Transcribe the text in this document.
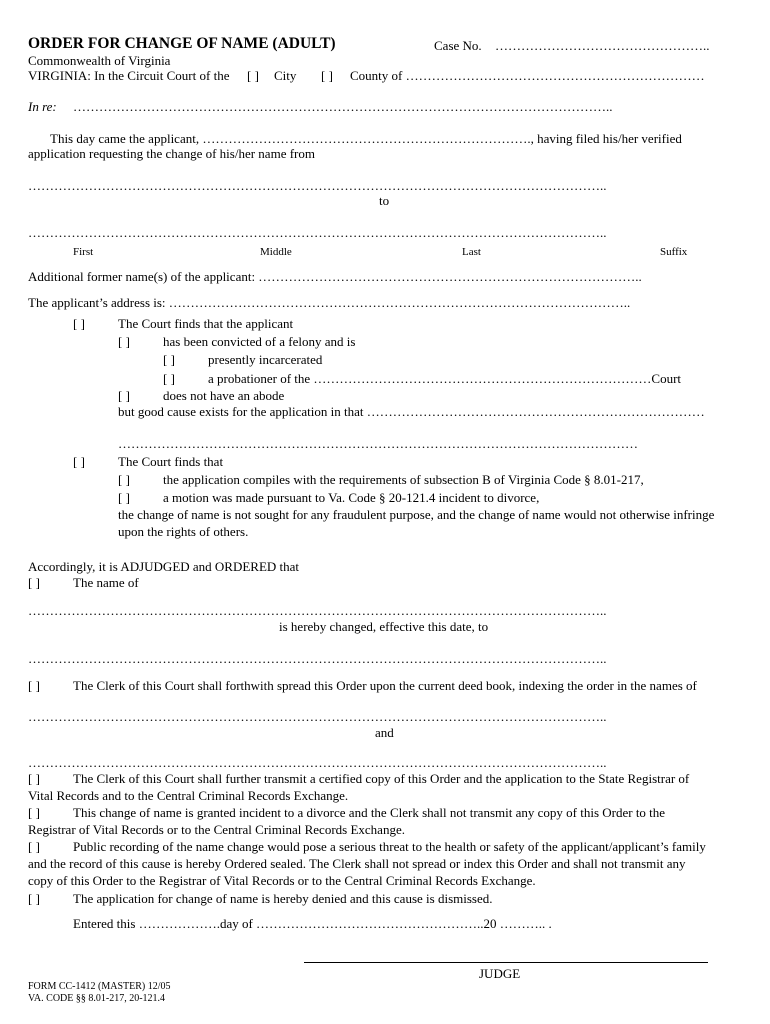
ORDER FOR CHANGE OF NAME (ADULT)	Case No. …………………………………………..
Commonwealth of Virginia
VIRGINIA: In the Circuit Court of the [ ] City [ ] County of ……………………………………………………………
In re: ……………………………………………………………………………………………………………..
This day came the applicant, …………………………………………………………………., having filed his/her verified
application requesting the change of his/her name from
……………………………………………………………………………………………………………………..
to
……………………………………………………………………………………………………………………..
First	Middle	Last	Suffix
Additional former name(s) of the applicant: ……………………………………………………………………………..
The applicant’s address is: ……………………………………………………………………………………………..
[ ]	The Court finds that the applicant
[ ]	has been convicted of a felony and is
[ ]	presently incarcerated
[ ]	a probationer of the ……………………………………………………………………Court
[ ]	does not have an abode
but good cause exists for the application in that ……………………………………………………………………
…………………………………………………………………………………………………………
[ ]	The Court finds that
[ ]	the application compiles with the requirements of subsection B of Virginia Code § 8.01-217,
[ ]	a motion was made pursuant to Va. Code § 20-121.4 incident to divorce,
the change of name is not sought for any fraudulent purpose, and the change of name would not otherwise infringe
upon the rights of others.
Accordingly, it is ADJUDGED and ORDERED that
[ ]	The name of
……………………………………………………………………………………………………………………..
is hereby changed, effective this date, to
……………………………………………………………………………………………………………………..
[ ]	The Clerk of this Court shall forthwith spread this Order upon the current deed book, indexing the order in the names of
……………………………………………………………………………………………………………………..
and
……………………………………………………………………………………………………………………..
[ ]	The Clerk of this Court shall further transmit a certified copy of this Order and the application to the State Registrar of
Vital Records and to the Central Criminal Records Exchange.
[ ]	This change of name is granted incident to a divorce and the Clerk shall not transmit any copy of this Order to the
Registrar of Vital Records or to the Central Criminal Records Exchange.
[ ]	Public recording of the name change would pose a serious threat to the health or safety of the applicant/applicant’s family
and the record of this cause is hereby Ordered sealed. The Clerk shall not spread or index this Order and shall not transmit any
copy of this Order to the Registrar of Vital Records or to the Central Criminal Records Exchange.
[ ]	The application for change of name is hereby denied and this cause is dismissed.
Entered this ……………….day of ……………………………………………..20 ……….. .
JUDGE
FORM CC-1412 (MASTER) 12/05
VA. CODE §§ 8.01-217, 20-121.4
